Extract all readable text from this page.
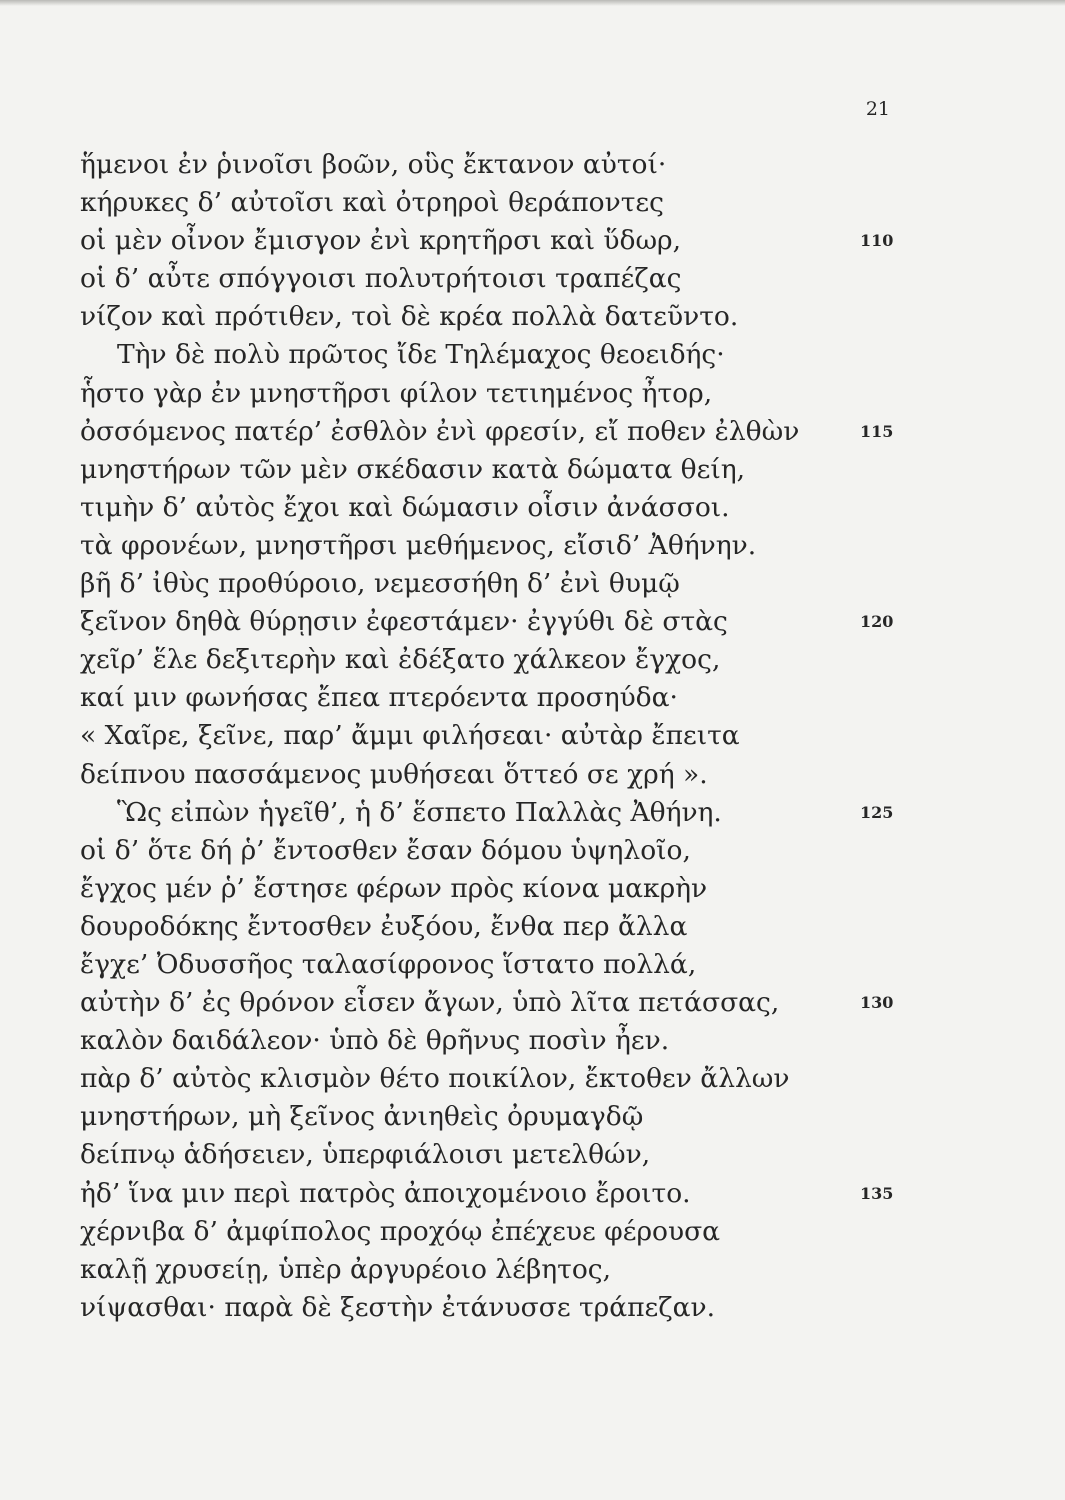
21
ἥμενοι ἐν ῥινοῖσι βοῶν, οὓς ἔκτανον αὐτοί·
κήρυκες δ’ αὐτοῖσι καὶ ὀτρηροὶ θεράποντες
οἱ μὲν οἶνον ἔμισγον ἐνὶ κρητῆρσι καὶ ὕδωρ,	110
οἱ δ’ αὖτε σπόγγοισι πολυτρήτοισι τραπέζας
νίζον καὶ πρότιθεν, τοὶ δὲ κρέα πολλὰ δατεῦντο.
Τὴν δὲ πολὺ πρῶτος ἴδε Τηλέμαχος θεοειδής·
ἧστο γὰρ ἐν μνηστῆρσι φίλον τετιημένος ἦτορ,
ὀσσόμενος πατέρ’ ἐσθλὸν ἐνὶ φρεσίν, εἴ ποθεν ἐλθὼν	115
μνηστήρων τῶν μὲν σκέδασιν κατὰ δώματα θείη,
τιμὴν δ’ αὐτὸς ἔχοι καὶ δώμασιν οἷσιν ἀνάσσοι.
τὰ φρονέων, μνηστῆρσι μεθήμενος, εἴσιδ’ Ἀθήνην.
βῆ δ’ ἰθὺς προθύροιο, νεμεσσήθη δ’ ἐνὶ θυμῷ
ξεῖνον δηθὰ θύρῃσιν ἐφεστάμεν· ἐγγύθι δὲ στὰς	120
χεῖρ’ ἕλε δεξιτερὴν καὶ ἐδέξατο χάλκεον ἔγχος,
καί μιν φωνήσας ἔπεα πτερόεντα προσηύδα·
« Χαῖρε, ξεῖνε, παρ’ ἄμμι φιλήσεαι· αὐτὰρ ἔπειτα
δείπνου πασσάμενος μυθήσεαι ὅττεό σε χρή ».
Ὣς εἰπὼν ἡγεῖθ’, ἡ δ’ ἕσπετο Παλλὰς Ἀθήνη.	125
οἱ δ’ ὅτε δή ῥ’ ἔντοσθεν ἔσαν δόμου ὑψηλοῖο,
ἔγχος μέν ῥ’ ἔστησε φέρων πρὸς κίονα μακρὴν
δουροδόκης ἔντοσθεν ἐυξόου, ἔνθα περ ἄλλα
ἔγχε’ Ὀδυσσῆος ταλασίφρονος ἵστατο πολλά,
αὐτὴν δ’ ἐς θρόνον εἷσεν ἄγων, ὑπὸ λῖτα πετάσσας,	130
καλὸν δαιδάλεον· ὑπὸ δὲ θρῆνυς ποσὶν ἦεν.
πὰρ δ’ αὐτὸς κλισμὸν θέτο ποικίλον, ἔκτοθεν ἄλλων
μνηστήρων, μὴ ξεῖνος ἀνιηθεὶς ὀρυμαγδῷ
δείπνῳ ἁδήσειεν, ὑπερφιάλοισι μετελθών,
ἠδ’ ἵνα μιν περὶ πατρὸς ἀποιχομένοιο ἔροιτο.	135
χέρνιβα δ’ ἀμφίπολος προχόῳ ἐπέχευε φέρουσα
καλῇ χρυσείῃ, ὑπὲρ ἀργυρέοιο λέβητος,
νίψασθαι· παρὰ δὲ ξεστὴν ἐτάνυσσε τράπεζαν.
